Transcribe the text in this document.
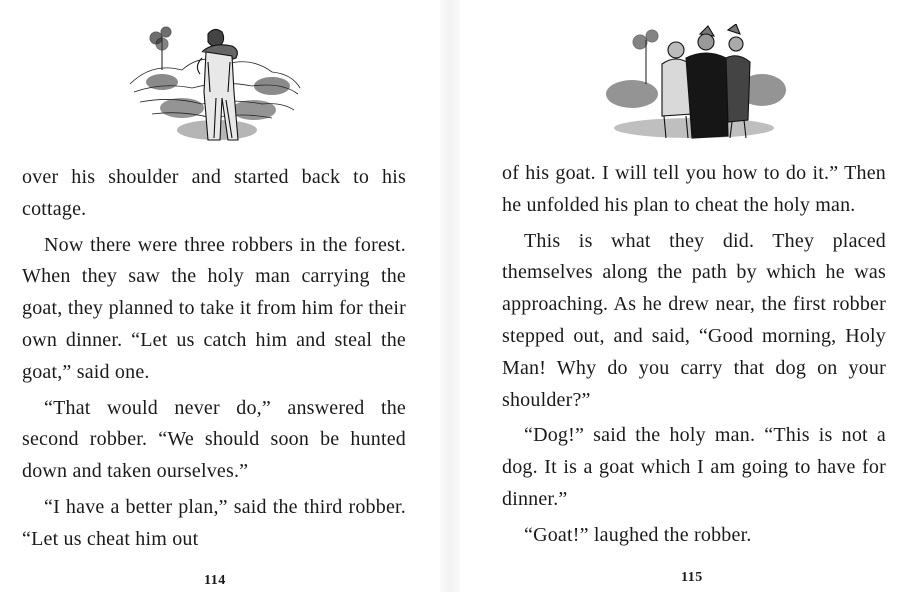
over his shoulder and started back to his cottage.

Now there were three robbers in the forest. When they saw the holy man carrying the goat, they planned to take it from him for their own dinner. “Let us catch him and steal the goat,” said one.

“That would never do,” answered the second robber. “We should soon be hunted down and taken ourselves.”

“I have a better plan,” said the third robber. “Let us cheat him out

114

of his goat. I will tell you how to do it.” Then he unfolded his plan to cheat the holy man.

This is what they did. They placed themselves along the path by which he was approaching. As he drew near, the first robber stepped out, and said, “Good morning, Holy Man! Why do you carry that dog on your shoulder?”

“Dog!” said the holy man. “This is not a dog. It is a goat which I am going to have for dinner.”

“Goat!” laughed the robber.

115
